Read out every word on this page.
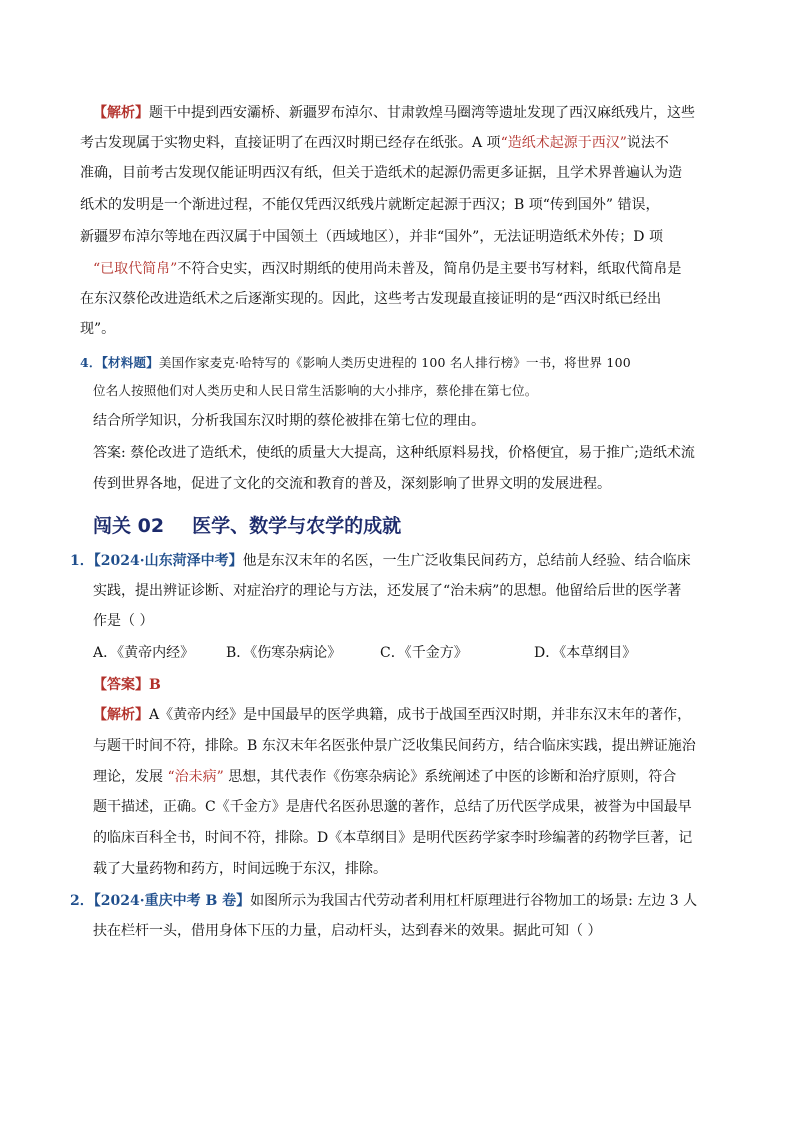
【解析】题干中提到西安灞桥、新疆罗布淖尔、甘肃敦煌马圈湾等遗址发现了西汉麻纸残片，这些
考古发现属于实物史料，直接证明了在西汉时期已经存在纸张。A 项“造纸术起源于西汉”说法不
准确，目前考古发现仅能证明西汉有纸，但关于造纸术的起源仍需更多证据，且学术界普遍认为造
纸术的发明是一个渐进过程，不能仅凭西汉纸残片就断定起源于西汉；B 项“传到国外” 错误，
新疆罗布淖尔等地在西汉属于中国领土（西域地区），并非“国外”，无法证明造纸术外传；D 项
“已取代简帛”不符合史实，西汉时期纸的使用尚未普及，简帛仍是主要书写材料，纸取代简帛是
在东汉蔡伦改进造纸术之后逐渐实现的。因此，这些考古发现最直接证明的是“西汉时纸已经出
现”。
4．【材料题】美国作家麦克·哈特写的《影响人类历史进程的 100 名人排行榜》一书，将世界 100
位名人按照他们对人类历史和人民日常生活影响的大小排序，蔡伦排在第七位。
结合所学知识，分析我国东汉时期的蔡伦被排在第七位的理由。
答案: 蔡伦改进了造纸术，使纸的质量大大提高，这种纸原料易找，价格便宜，易于推广;造纸术流
传到世界各地，促进了文化的交流和教育的普及，深刻影响了世界文明的发展进程。
闯关 02 医学、数学与农学的成就
1．【2024·山东菏泽中考】他是东汉末年的名医，一生广泛收集民间药方，总结前人经验、结合临床
实践，提出辨证诊断、对症治疗的理论与方法，还发展了“治未病”的思想。他留给后世的医学著
作是（ ）
A．《黄帝内经》 B．《伤寒杂病论》	C．《千金方》	D．《本草纲目》
【答案】B
【解析】A《黄帝内经》是中国最早的医学典籍，成书于战国至西汉时期，并非东汉末年的著作，
与题干时间不符，排除。B 东汉末年名医张仲景广泛收集民间药方，结合临床实践，提出辨证施治
理论，发展 “治未病” 思想，其代表作《伤寒杂病论》系统阐述了中医的诊断和治疗原则，符合
题干描述，正确。C《千金方》是唐代名医孙思邈的著作，总结了历代医学成果，被誉为中国最早
的临床百科全书，时间不符，排除。D《本草纲目》是明代医药学家李时珍编著的药物学巨著，记
载了大量药物和药方，时间远晚于东汉，排除。
2．【2024·重庆中考 B 卷】如图所示为我国古代劳动者利用杠杆原理进行谷物加工的场景: 左边 3 人
扶在栏杆一头，借用身体下压的力量，启动杆头，达到舂米的效果。据此可知（ ）
